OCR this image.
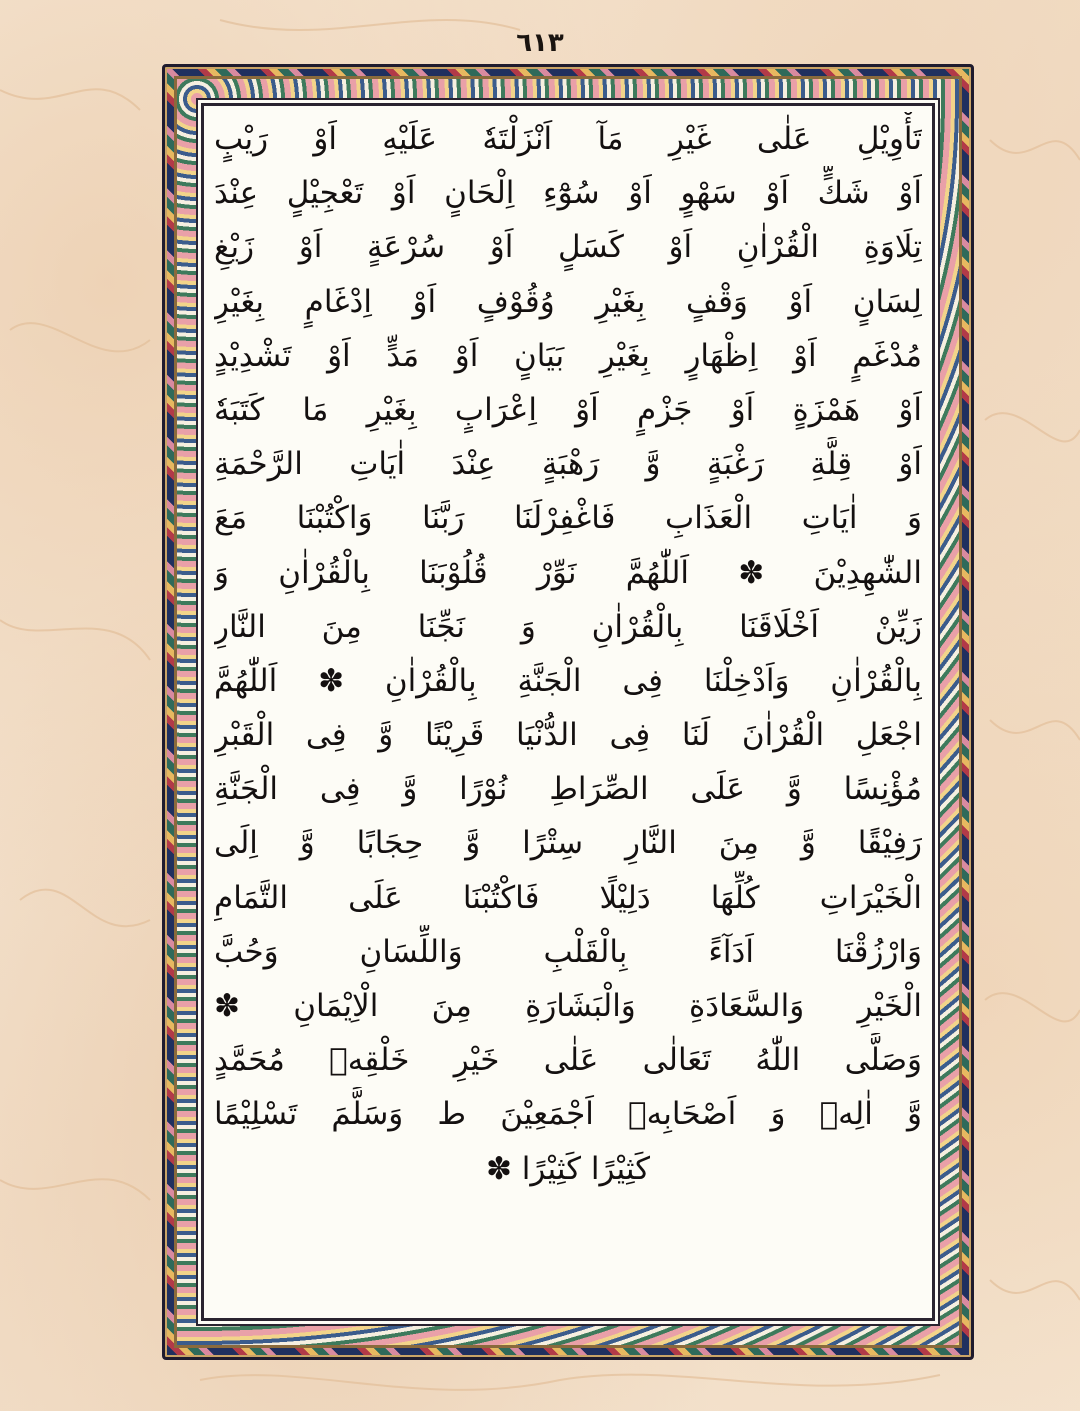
٦١٣
تَأْوِيْلِ عَلٰى غَيْرِ مَآ اَنْزَلْتَهٗ عَلَيْهِ اَوْ رَيْبٍ
اَوْ شَكٍّ اَوْ سَهْوٍ اَوْ سُوْٓءِ اِلْحَانٍ اَوْ تَعْجِيْلٍ عِنْدَ
تِلَاوَةِ الْقُرْاٰنِ اَوْ كَسَلٍ اَوْ سُرْعَةٍ اَوْ زَيْغِ
لِسَانٍ اَوْ وَقْفٍ بِغَيْرِ وُقُوْفٍ اَوْ اِدْغَامٍ بِغَيْرِ
مُدْغَمٍ اَوْ اِظْهَارٍ بِغَيْرِ بَيَانٍ اَوْ مَدٍّ اَوْ تَشْدِيْدٍ
اَوْ هَمْزَةٍ اَوْ جَزْمٍ اَوْ اِعْرَابٍ بِغَيْرِ مَا كَتَبَهٗ
اَوْ قِلَّةِ رَغْبَةٍ وَّ رَهْبَةٍ عِنْدَ اٰيَاتِ الرَّحْمَةِ
وَ اٰيَاتِ الْعَذَابِ فَاغْفِرْلَنَا رَبَّنَا وَاكْتُبْنَا مَعَ
الشّٰهِدِيْنَ ✽ اَللّٰهُمَّ نَوِّرْ قُلُوْبَنَا بِالْقُرْاٰنِ وَ
زَيِّنْ اَخْلَاقَنَا بِالْقُرْاٰنِ وَ نَجِّنَا مِنَ النَّارِ
بِالْقُرْاٰنِ وَاَدْخِلْنَا فِى الْجَنَّةِ بِالْقُرْاٰنِ ✽ اَللّٰهُمَّ
اجْعَلِ الْقُرْاٰنَ لَنَا فِى الدُّنْيَا قَرِيْنًا وَّ فِى الْقَبْرِ
مُؤْنِسًا وَّ عَلَى الصِّرَاطِ نُوْرًا وَّ فِى الْجَنَّةِ
رَفِيْقًا وَّ مِنَ النَّارِ سِتْرًا وَّ حِجَابًا وَّ اِلَى
الْخَيْرَاتِ كُلِّهَا دَلِيْلًا فَاكْتُبْنَا عَلَى التَّمَامِ
وَارْزُقْنَا اَدَآءً بِالْقَلْبِ وَاللِّسَانِ وَحُبَّ
الْخَيْرِ وَالسَّعَادَةِ وَالْبَشَارَةِ مِنَ الْاِيْمَانِ ✽
وَصَلَّى اللّٰهُ تَعَالٰى عَلٰى خَيْرِ خَلْقِهٖ مُحَمَّدٍ
وَّ اٰلِهٖ وَ اَصْحَابِهٖ اَجْمَعِيْنَ ط وَسَلَّمَ تَسْلِيْمًا
كَثِيْرًا كَثِيْرًا ✽
